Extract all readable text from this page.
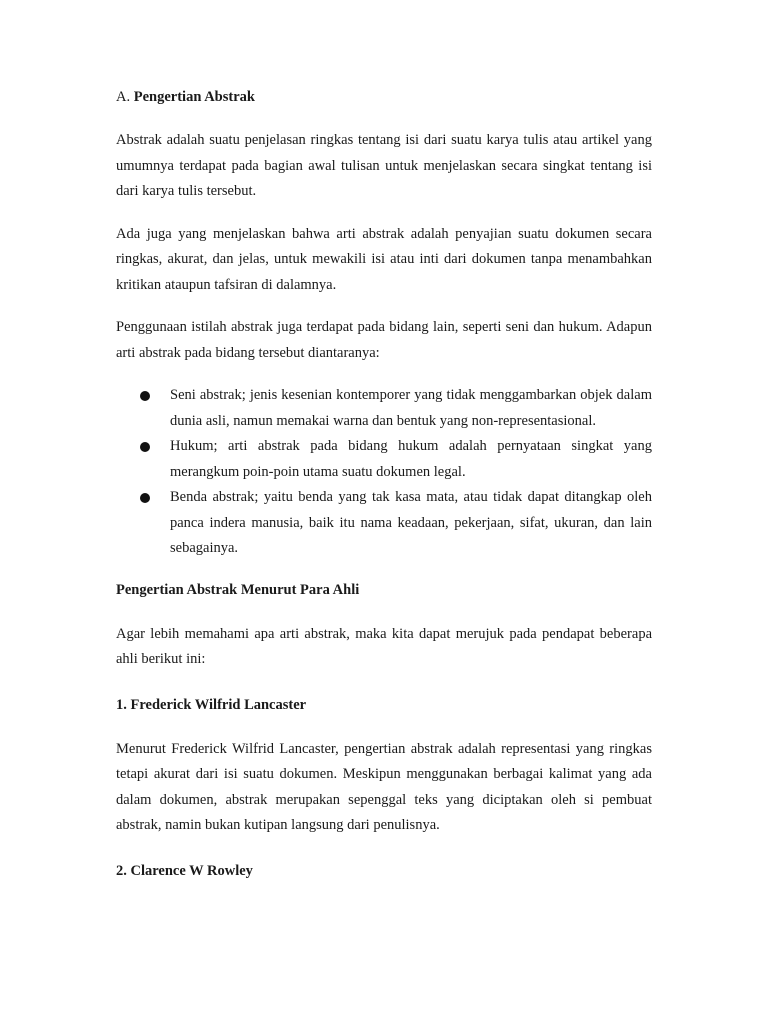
A. Pengertian Abstrak

Abstrak adalah suatu penjelasan ringkas tentang isi dari suatu karya tulis atau artikel yang umumnya terdapat pada bagian awal tulisan untuk menjelaskan secara singkat tentang isi dari karya tulis tersebut.

Ada juga yang menjelaskan bahwa arti abstrak adalah penyajian suatu dokumen secara ringkas, akurat, dan jelas, untuk mewakili isi atau inti dari dokumen tanpa menambahkan kritikan ataupun tafsiran di dalamnya.

Penggunaan istilah abstrak juga terdapat pada bidang lain, seperti seni dan hukum. Adapun arti abstrak pada bidang tersebut diantaranya:

Seni abstrak; jenis kesenian kontemporer yang tidak menggambarkan objek dalam dunia asli, namun memakai warna dan bentuk yang non-representasional.
Hukum; arti abstrak pada bidang hukum adalah pernyataan singkat yang merangkum poin-poin utama suatu dokumen legal.
Benda abstrak; yaitu benda yang tak kasa mata, atau tidak dapat ditangkap oleh panca indera manusia, baik itu nama keadaan, pekerjaan, sifat, ukuran, dan lain sebagainya.
Pengertian Abstrak Menurut Para Ahli

Agar lebih memahami apa arti abstrak, maka kita dapat merujuk pada pendapat beberapa ahli berikut ini:

1. Frederick Wilfrid Lancaster

Menurut Frederick Wilfrid Lancaster, pengertian abstrak adalah representasi yang ringkas tetapi akurat dari isi suatu dokumen. Meskipun menggunakan berbagai kalimat yang ada dalam dokumen, abstrak merupakan sepenggal teks yang diciptakan oleh si pembuat abstrak, namin bukan kutipan langsung dari penulisnya.

2. Clarence W Rowley
